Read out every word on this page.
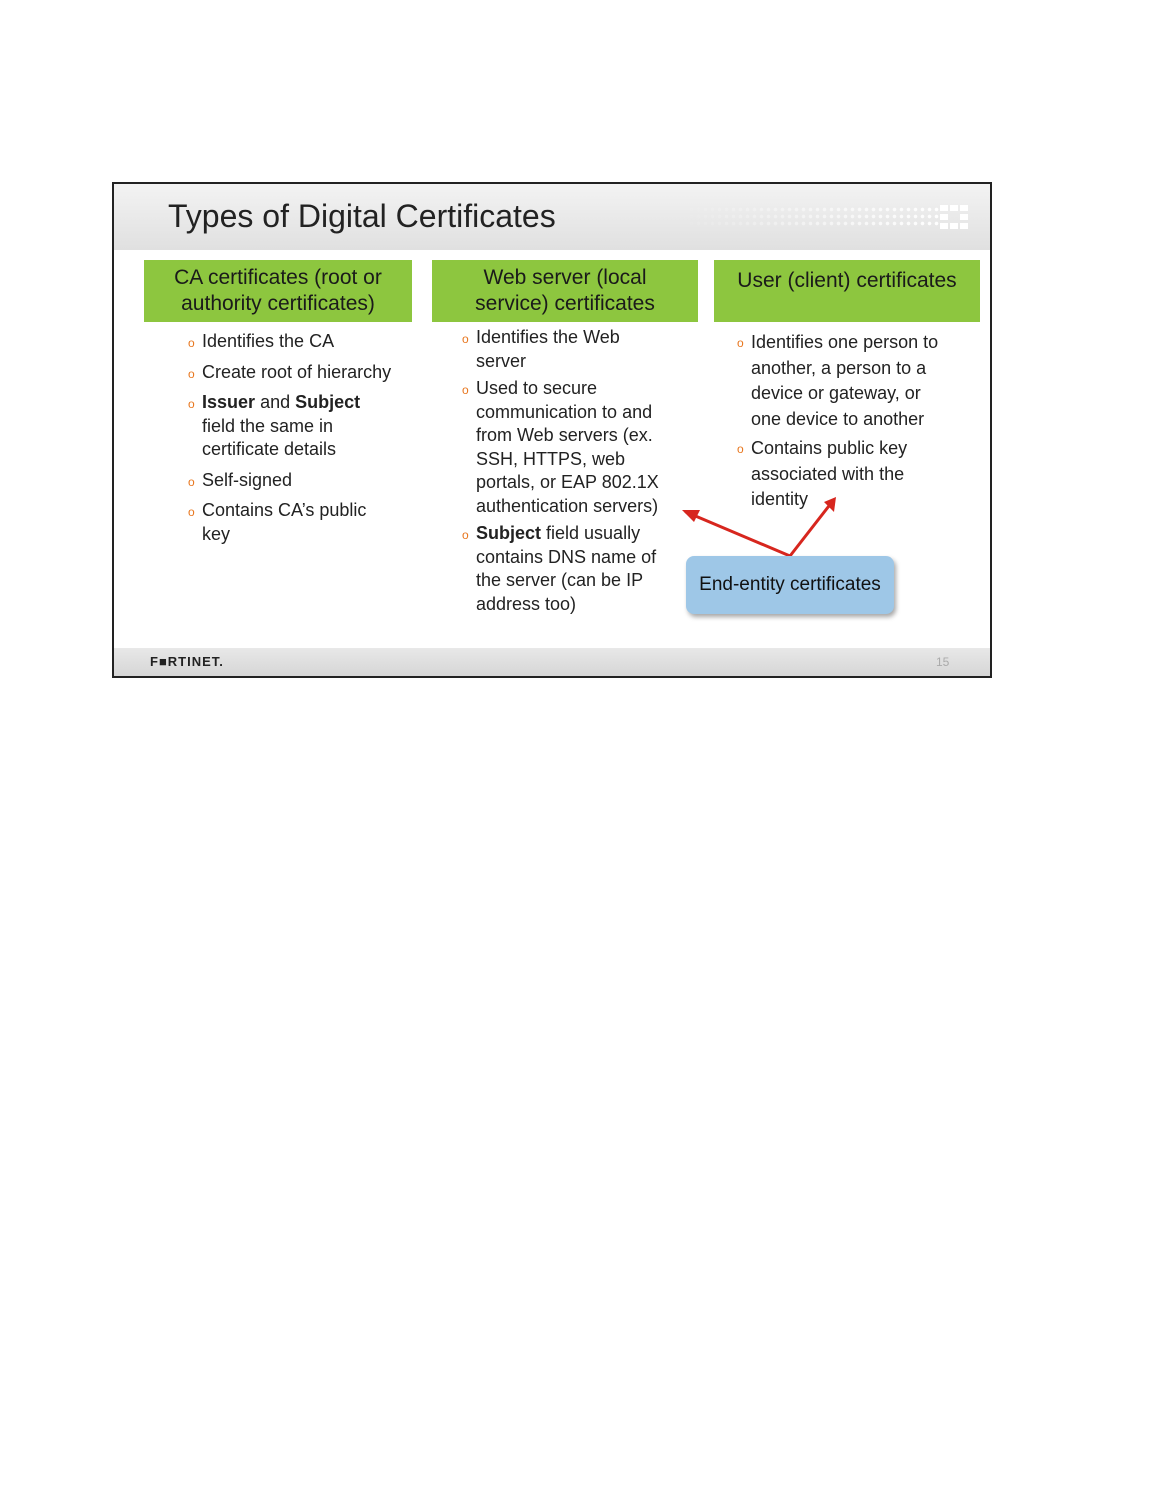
Types of Digital Certificates
CA certificates (root or
authority certificates)
o Identifies the CA
o Create root of hierarchy
o Issuer and Subject
field the same in
certificate details
o Self-signed
o Contains CA’s public
key
Web server (local
service) certificates
o Identifies the Web
server
o Used to secure
communication to and
from Web servers (ex.
SSH, HTTPS, web
portals, or EAP 802.1X
authentication servers)
o Subject field usually
contains DNS name of
the server (can be IP
address too)
User (client) certificates
o Identifies one person to
another, a person to a
device or gateway, or
one device to another
o Contains public key
associated with the
identity
End-entity certificates
F■RTINET.	15
